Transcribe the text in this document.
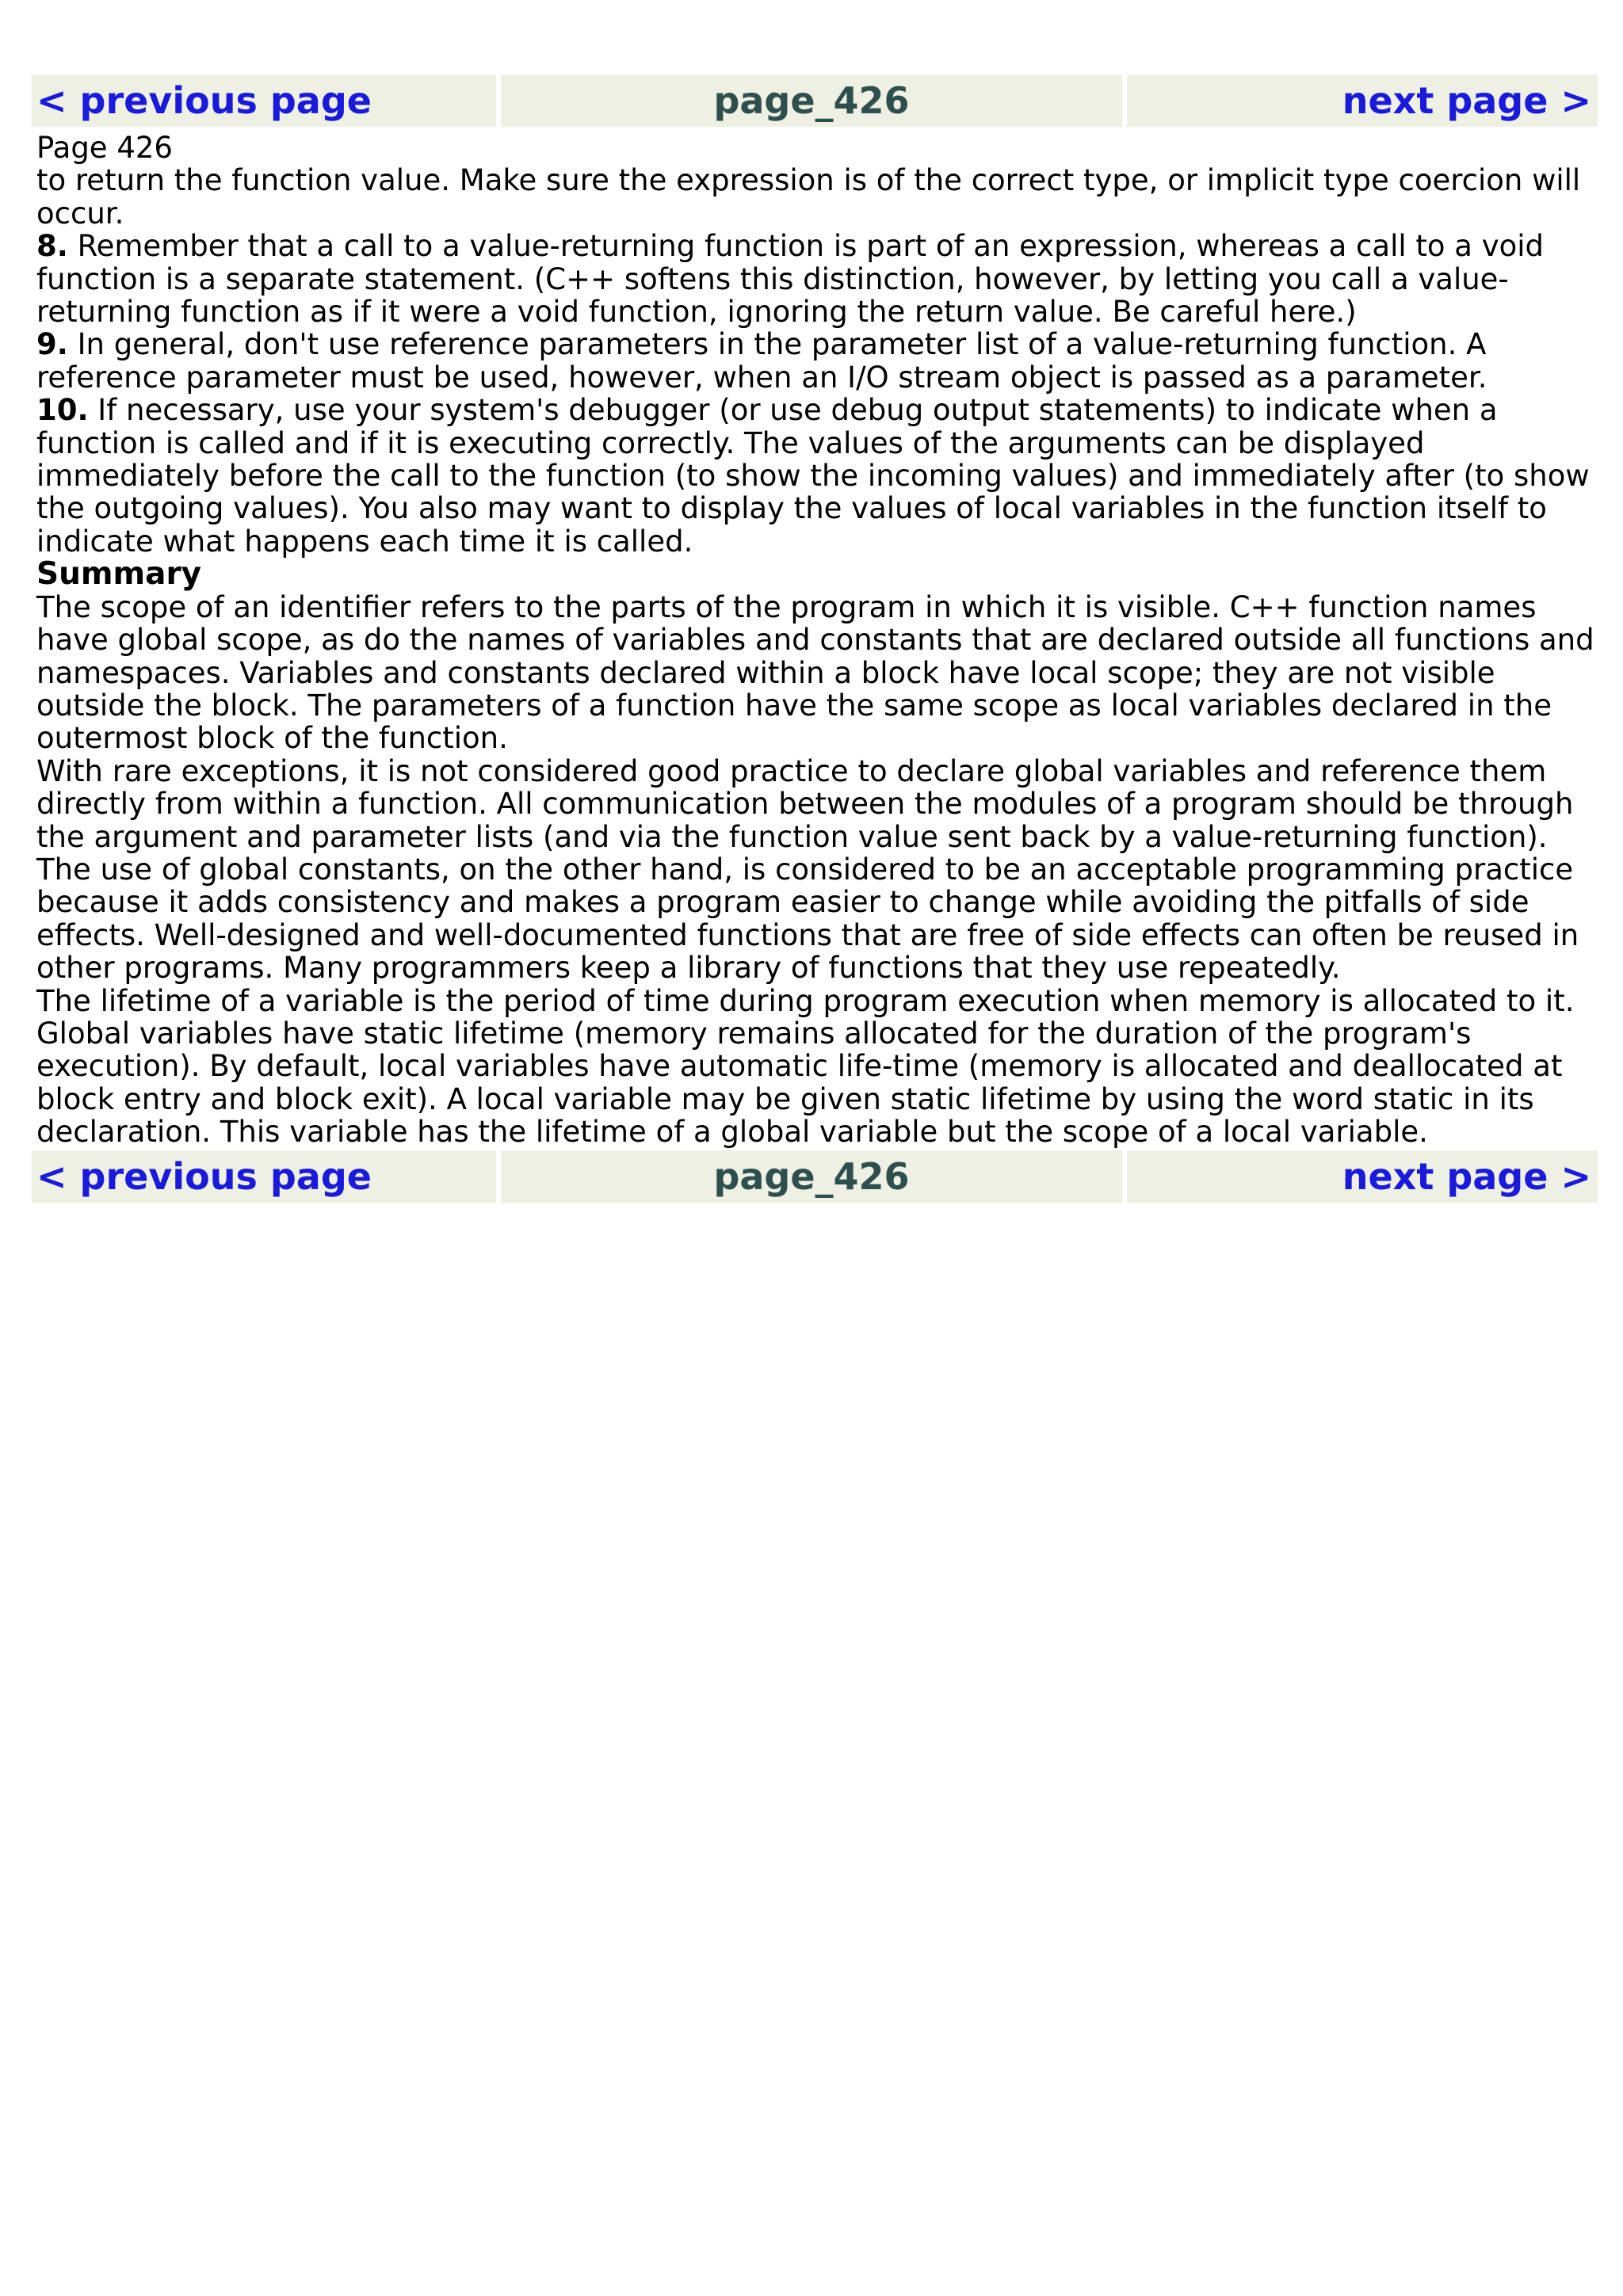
< previous page	page_426	next page >

Page 426

to return the function value. Make sure the expression is of the correct type, or implicit type coercion will occur.

8. Remember that a call to a value-returning function is part of an expression, whereas a call to a void function is a separate statement. (C++ softens this distinction, however, by letting you call a value-returning function as if it were a void function, ignoring the return value. Be careful here.)

9. In general, don't use reference parameters in the parameter list of a value-returning function. A reference parameter must be used, however, when an I/O stream object is passed as a parameter.

10. If necessary, use your system's debugger (or use debug output statements) to indicate when a function is called and if it is executing correctly. The values of the arguments can be displayed immediately before the call to the function (to show the incoming values) and immediately after (to show the outgoing values). You also may want to display the values of local variables in the function itself to indicate what happens each time it is called.

Summary

The scope of an identifier refers to the parts of the program in which it is visible. C++ function names have global scope, as do the names of variables and constants that are declared outside all functions and namespaces. Variables and constants declared within a block have local scope; they are not visible outside the block. The parameters of a function have the same scope as local variables declared in the outermost block of the function.

With rare exceptions, it is not considered good practice to declare global variables and reference them directly from within a function. All communication between the modules of a program should be through the argument and parameter lists (and via the function value sent back by a value-returning function). The use of global constants, on the other hand, is considered to be an acceptable programming practice because it adds consistency and makes a program easier to change while avoiding the pitfalls of side effects. Well-designed and well-documented functions that are free of side effects can often be reused in other programs. Many programmers keep a library of functions that they use repeatedly.

The lifetime of a variable is the period of time during program execution when memory is allocated to it. Global variables have static lifetime (memory remains allocated for the duration of the program's execution). By default, local variables have automatic life-time (memory is allocated and deallocated at block entry and block exit). A local variable may be given static lifetime by using the word static in its declaration. This variable has the lifetime of a global variable but the scope of a local variable.

< previous page	page_426	next page >
